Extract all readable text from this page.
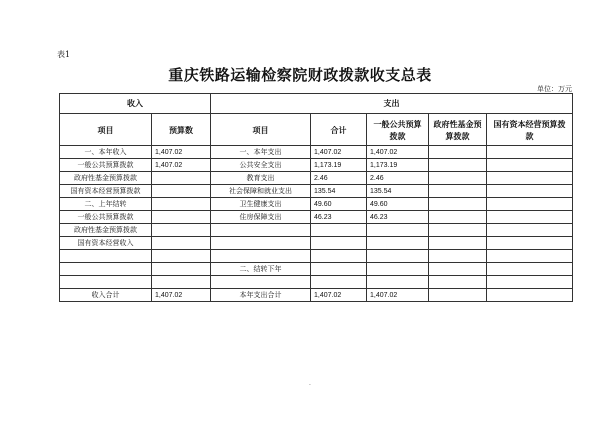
表1
重庆铁路运输检察院财政拨款收支总表
单位：万元
收入		支出				
项目	预算数	项目	合计	一般公共预算拨款	政府性基金预算拨款	国有资本经营预算拨款
一、本年收入	1,407.02	一、本年支出	1,407.02	1,407.02		
一般公共预算拨款	1,407.02	公共安全支出	1,173.19	1,173.19		
政府性基金预算拨款		教育支出	2.46	2.46		
国有资本经营预算拨款		社会保障和就业支出	135.54	135.54		
二、上年结转		卫生健康支出	49.60	49.60		
一般公共预算拨款		住房保障支出	46.23	46.23		
政府性基金预算拨款						
国有资本经营收入						

		二、结转下年				

收入合计	1,407.02	本年支出合计	1,407.02	1,407.02		
·
